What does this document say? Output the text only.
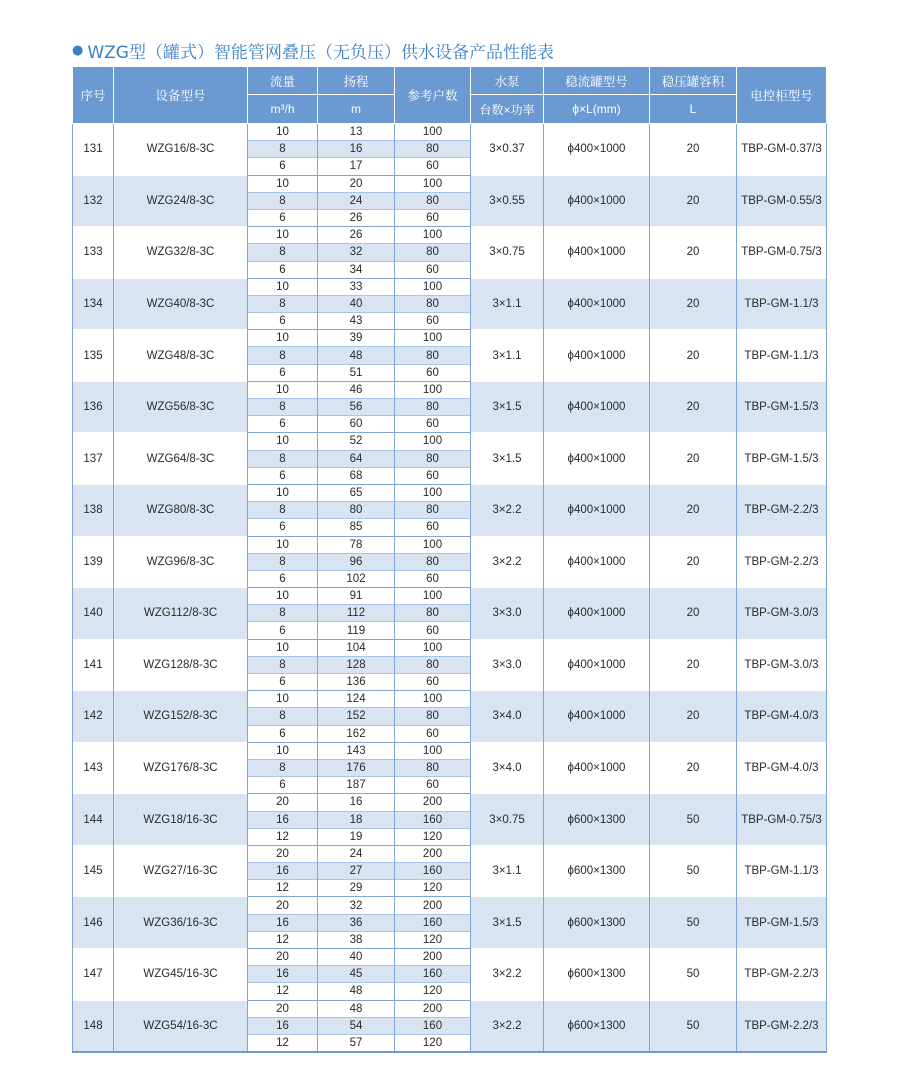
● WZG型（罐式）智能管网叠压（无负压）供水设备产品性能表
序号	设备型号	流量	扬程	参考户数	水泵	稳流罐型号	稳压罐容积	电控柜型号
		m³/h	m		台数×功率	ϕ×L(mm)	L	
131	WZG16/8-3C	10	13	100	3×0.37	ϕ400×1000	20	TBP-GM-0.37/3
		8	16	80				
		6	17	60				
132	WZG24/8-3C	10	20	100	3×0.55	ϕ400×1000	20	TBP-GM-0.55/3
		8	24	80				
		6	26	60				
133	WZG32/8-3C	10	26	100	3×0.75	ϕ400×1000	20	TBP-GM-0.75/3
		8	32	80				
		6	34	60				
134	WZG40/8-3C	10	33	100	3×1.1	ϕ400×1000	20	TBP-GM-1.1/3
		8	40	80				
		6	43	60				
135	WZG48/8-3C	10	39	100	3×1.1	ϕ400×1000	20	TBP-GM-1.1/3
		8	48	80				
		6	51	60				
136	WZG56/8-3C	10	46	100	3×1.5	ϕ400×1000	20	TBP-GM-1.5/3
		8	56	80				
		6	60	60				
137	WZG64/8-3C	10	52	100	3×1.5	ϕ400×1000	20	TBP-GM-1.5/3
		8	64	80				
		6	68	60				
138	WZG80/8-3C	10	65	100	3×2.2	ϕ400×1000	20	TBP-GM-2.2/3
		8	80	80				
		6	85	60				
139	WZG96/8-3C	10	78	100	3×2.2	ϕ400×1000	20	TBP-GM-2.2/3
		8	96	80				
		6	102	60				
140	WZG112/8-3C	10	91	100	3×3.0	ϕ400×1000	20	TBP-GM-3.0/3
		8	112	80				
		6	119	60				
141	WZG128/8-3C	10	104	100	3×3.0	ϕ400×1000	20	TBP-GM-3.0/3
		8	128	80				
		6	136	60				
142	WZG152/8-3C	10	124	100	3×4.0	ϕ400×1000	20	TBP-GM-4.0/3
		8	152	80				
		6	162	60				
143	WZG176/8-3C	10	143	100	3×4.0	ϕ400×1000	20	TBP-GM-4.0/3
		8	176	80				
		6	187	60				
144	WZG18/16-3C	20	16	200	3×0.75	ϕ600×1300	50	TBP-GM-0.75/3
		16	18	160				
		12	19	120				
145	WZG27/16-3C	20	24	200	3×1.1	ϕ600×1300	50	TBP-GM-1.1/3
		16	27	160				
		12	29	120				
146	WZG36/16-3C	20	32	200	3×1.5	ϕ600×1300	50	TBP-GM-1.5/3
		16	36	160				
		12	38	120				
147	WZG45/16-3C	20	40	200	3×2.2	ϕ600×1300	50	TBP-GM-2.2/3
		16	45	160				
		12	48	120				
148	WZG54/16-3C	20	48	200	3×2.2	ϕ600×1300	50	TBP-GM-2.2/3
		16	54	160				
		12	57	120				
